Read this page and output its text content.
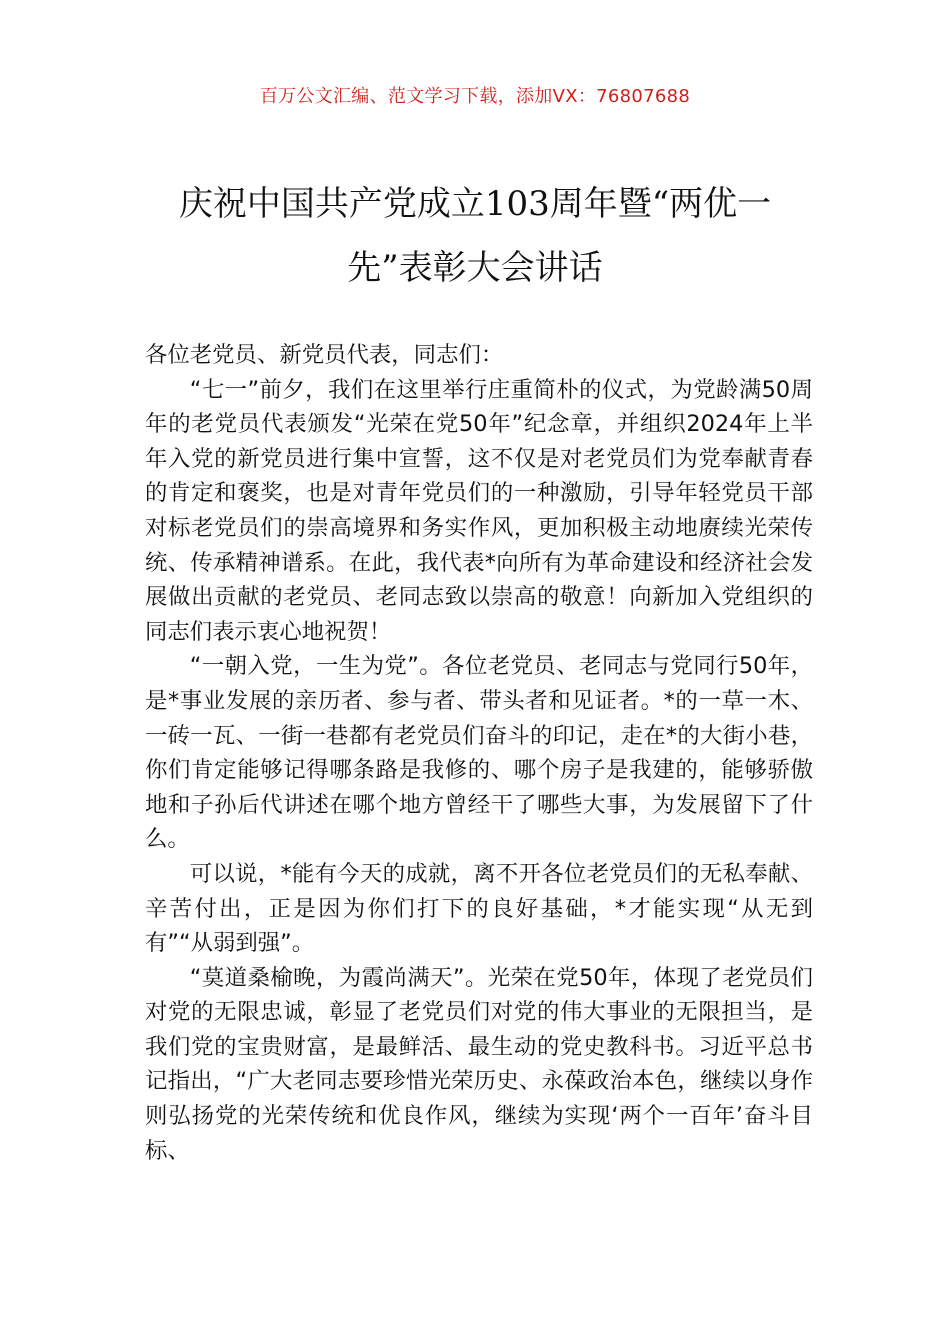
百万公文汇编、范文学习下载，添加VX：76807688
庆祝中国共产党成立103周年暨“两优一
先”表彰大会讲话

各位老党员、新党员代表，同志们：

“七一”前夕，我们在这里举行庄重简朴的仪式，为党龄满50周年的老党员代表颁发“光荣在党50年”纪念章，并组织2024年上半年入党的新党员进行集中宣誓，这不仅是对老党员们为党奉献青春的肯定和褒奖，也是对青年党员们的一种激励，引导年轻党员干部对标老党员们的崇高境界和务实作风，更加积极主动地赓续光荣传统、传承精神谱系。在此，我代表*向所有为革命建设和经济社会发展做出贡献的老党员、老同志致以崇高的敬意！向新加入党组织的同志们表示衷心地祝贺！

“一朝入党，一生为党”。各位老党员、老同志与党同行50年，是*事业发展的亲历者、参与者、带头者和见证者。*的一草一木、一砖一瓦、一街一巷都有老党员们奋斗的印记，走在*的大街小巷，你们肯定能够记得哪条路是我修的、哪个房子是我建的，能够骄傲地和子孙后代讲述在哪个地方曾经干了哪些大事，为发展留下了什么。

可以说，*能有今天的成就，离不开各位老党员们的无私奉献、辛苦付出，正是因为你们打下的良好基础，*才能实现“从无到有”“从弱到强”。

“莫道桑榆晚，为霞尚满天”。光荣在党50年，体现了老党员们对党的无限忠诚，彰显了老党员们对党的伟大事业的无限担当，是我们党的宝贵财富，是最鲜活、最生动的党史教科书。习近平总书记指出，“广大老同志要珍惜光荣历史、永葆政治本色，继续以身作则弘扬党的光荣传统和优良作风，继续为实现‘两个一百年’奋斗目标、
